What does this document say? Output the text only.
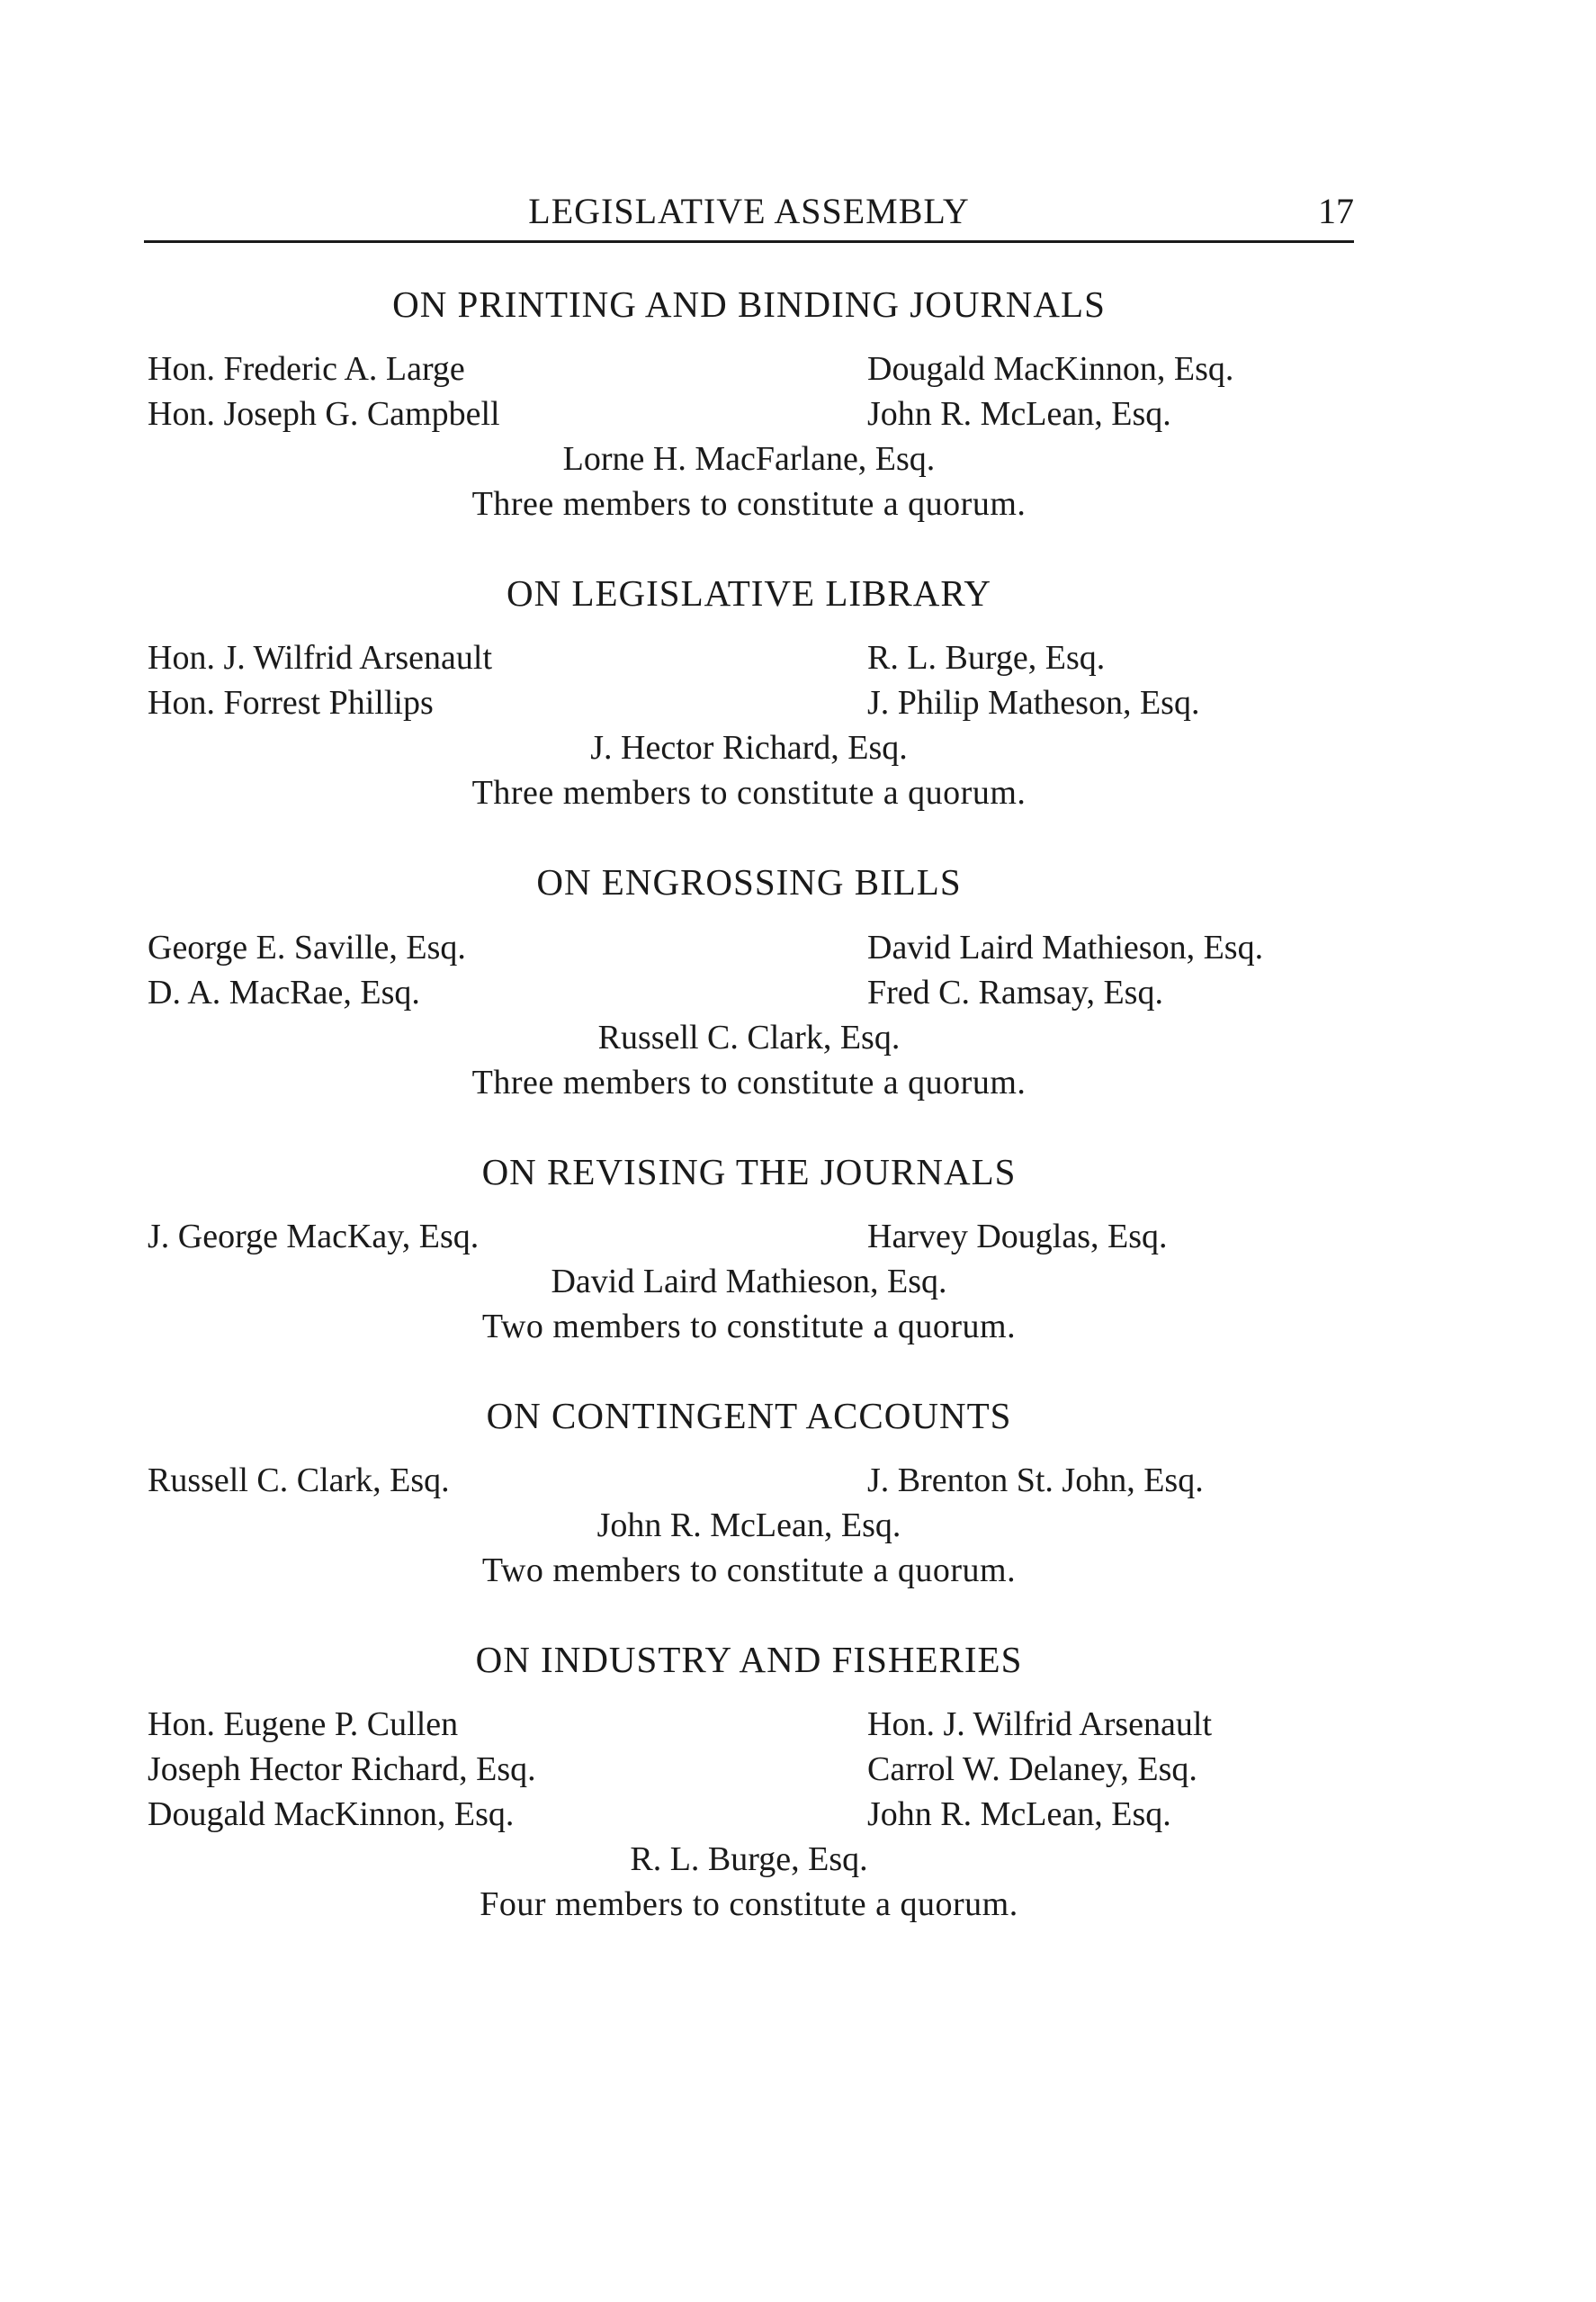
LEGISLATIVE ASSEMBLY	17
ON PRINTING AND BINDING JOURNALS
Hon. Frederic A. Large	Dougald MacKinnon, Esq.
Hon. Joseph G. Campbell	John R. McLean, Esq.
Lorne H. MacFarlane, Esq.
Three members to constitute a quorum.
ON LEGISLATIVE LIBRARY
Hon. J. Wilfrid Arsenault	R. L. Burge, Esq.
Hon. Forrest Phillips	J. Philip Matheson, Esq.
J. Hector Richard, Esq.
Three members to constitute a quorum.
ON ENGROSSING BILLS
George E. Saville, Esq.	David Laird Mathieson, Esq.
D. A. MacRae, Esq.	Fred C. Ramsay, Esq.
Russell C. Clark, Esq.
Three members to constitute a quorum.
ON REVISING THE JOURNALS
J. George MacKay, Esq.	Harvey Douglas, Esq.
David Laird Mathieson, Esq.
Two members to constitute a quorum.
ON CONTINGENT ACCOUNTS
Russell C. Clark, Esq.	J. Brenton St. John, Esq.
John R. McLean, Esq.
Two members to constitute a quorum.
ON INDUSTRY AND FISHERIES
Hon. Eugene P. Cullen	Hon. J. Wilfrid Arsenault
Joseph Hector Richard, Esq.	Carrol W. Delaney, Esq.
Dougald MacKinnon, Esq.	John R. McLean, Esq.
R. L. Burge, Esq.
Four members to constitute a quorum.
